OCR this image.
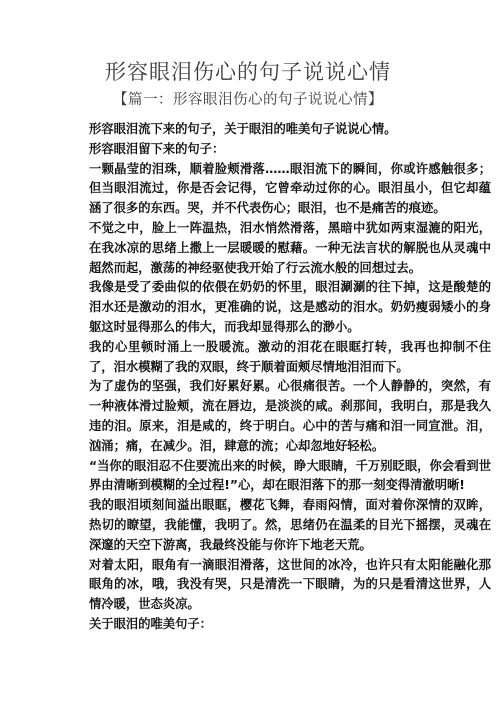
形容眼泪伤心的句子说说心情
【篇一：形容眼泪伤心的句子说说心情】

形容眼泪流下来的句子，关于眼泪的唯美句子说说心情。

形容眼泪留下来的句子：

一颗晶莹的泪珠，顺着脸颊滑落……眼泪流下的瞬间，你或许感触很多；但当眼泪流过，你是否会记得，它曾牵动过你的心。眼泪虽小，但它却蕴涵了很多的东西。哭，并不代表伤心；眼泪，也不是痛苦的痕迹。

不觉之中，脸上一阵温热，泪水悄然滑落，黑暗中犹如两束湿漉的阳光，在我冰凉的思绪上撒上一层暖暖的慰藉。一种无法言状的解脱也从灵魂中超然而起，激荡的神经驱使我开始了行云流水般的回想过去。

我像是受了委曲似的依偎在奶奶的怀里，眼泪涮涮的往下掉，这是酸楚的泪水还是激动的泪水，更准确的说，这是感动的泪水。奶奶瘦弱矮小的身躯这时显得那么的伟大，而我却显得那么的渺小。

我的心里顿时涌上一股暖流。激动的泪花在眼眶打转，我再也抑制不住了，泪水模糊了我的双眼，终于顺着面颊尽情地泪泪而下。

为了虚伪的坚强，我们好累好累。心很痛很苦。一个人静静的，突然，有一种液体滑过脸颊，流在唇边，是淡淡的咸。刹那间，我明白，那是我久违的泪。原来，泪是咸的，终于明白。心中的苦与痛和泪一同宣泄。泪，汹涌；痛，在减少。泪，肆意的流；心却忽地好轻松。

“当你的眼泪忍不住要流出来的时候，睁大眼睛，千万别眨眼，你会看到世界由清晰到模糊的全过程!”心，却在眼泪落下的那一刻变得清澈明晰!

我的眼泪顷刻间溢出眼眶，樱花飞舞，春雨闷情，面对着你深情的双眸，热切的瞭望，我能懂，我明了。然，思绪仍在温柔的目光下摇摆，灵魂在深邃的天空下游离，我最终没能与你许下地老天荒。

对着太阳，眼角有一滴眼泪滑落，这世间的冰冷，也许只有太阳能融化那眼角的冰，哦，我没有哭，只是清洗一下眼睛，为的只是看清这世界，人情冷暖，世态炎凉。

关于眼泪的唯美句子：
